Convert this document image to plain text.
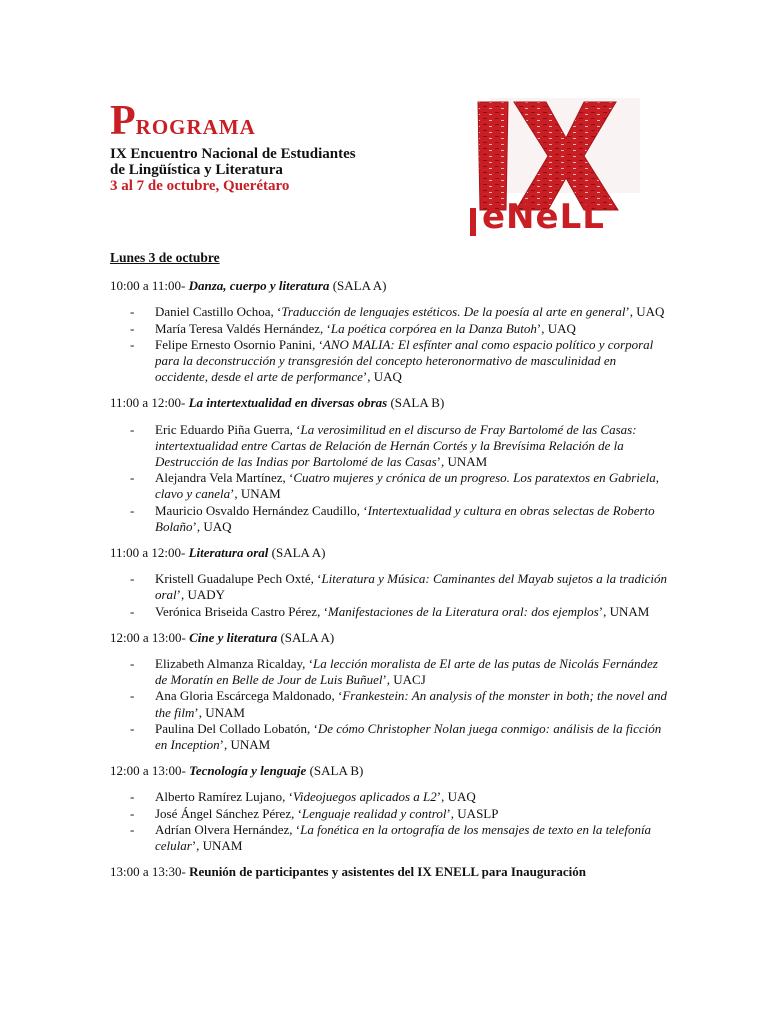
PROGRAMA
IX Encuentro Nacional de Estudiantes
de Lingüística y Literatura
3 al 7 de octubre, Querétaro
eNeLL
Lunes 3 de octubre
10:00 a 11:00- Danza, cuerpo y literatura (SALA A)
- Daniel Castillo Ochoa, ‘Traducción de lenguajes estéticos. De la poesía al arte en general’, UAQ
- María Teresa Valdés Hernández, ‘La poética corpórea en la Danza Butoh’, UAQ
- Felipe Ernesto Osornio Panini, ‘ANO MALIA: El esfínter anal como espacio político y corporal para la deconstrucción y transgresión del concepto heteronormativo de masculinidad en occidente, desde el arte de performance’, UAQ
11:00 a 12:00- La intertextualidad en diversas obras (SALA B)
- Eric Eduardo Piña Guerra, ‘La verosimilitud en el discurso de Fray Bartolomé de las Casas: intertextualidad entre Cartas de Relación de Hernán Cortés y la Brevísima Relación de la Destrucción de las Indias por Bartolomé de las Casas’, UNAM
- Alejandra Vela Martínez, ‘Cuatro mujeres y crónica de un progreso. Los paratextos en Gabriela, clavo y canela’, UNAM
- Mauricio Osvaldo Hernández Caudillo, ‘Intertextualidad y cultura en obras selectas de Roberto Bolaño’, UAQ
11:00 a 12:00- Literatura oral (SALA A)
- Kristell Guadalupe Pech Oxté, ‘Literatura y Música: Caminantes del Mayab sujetos a la tradición oral’, UADY
- Verónica Briseida Castro Pérez, ‘Manifestaciones de la Literatura oral: dos ejemplos’, UNAM
12:00 a 13:00- Cine y literatura (SALA A)
- Elizabeth Almanza Ricalday, ‘La lección moralista de El arte de las putas de Nicolás Fernández de Moratín en Belle de Jour de Luis Buñuel’, UACJ
- Ana Gloria Escárcega Maldonado, ‘Frankestein: An analysis of the monster in both; the novel and the film’, UNAM
- Paulina Del Collado Lobatón, ‘De cómo Christopher Nolan juega conmigo: análisis de la ficción en Inception’, UNAM
12:00 a 13:00- Tecnología y lenguaje (SALA B)
- Alberto Ramírez Lujano, ‘Videojuegos aplicados a L2’, UAQ
- José Ángel Sánchez Pérez, ‘Lenguaje realidad y control’, UASLP
- Adrían Olvera Hernández, ‘La fonética en la ortografía de los mensajes de texto en la telefonía celular’, UNAM
13:00 a 13:30- Reunión de participantes y asistentes del IX ENELL para Inauguración
